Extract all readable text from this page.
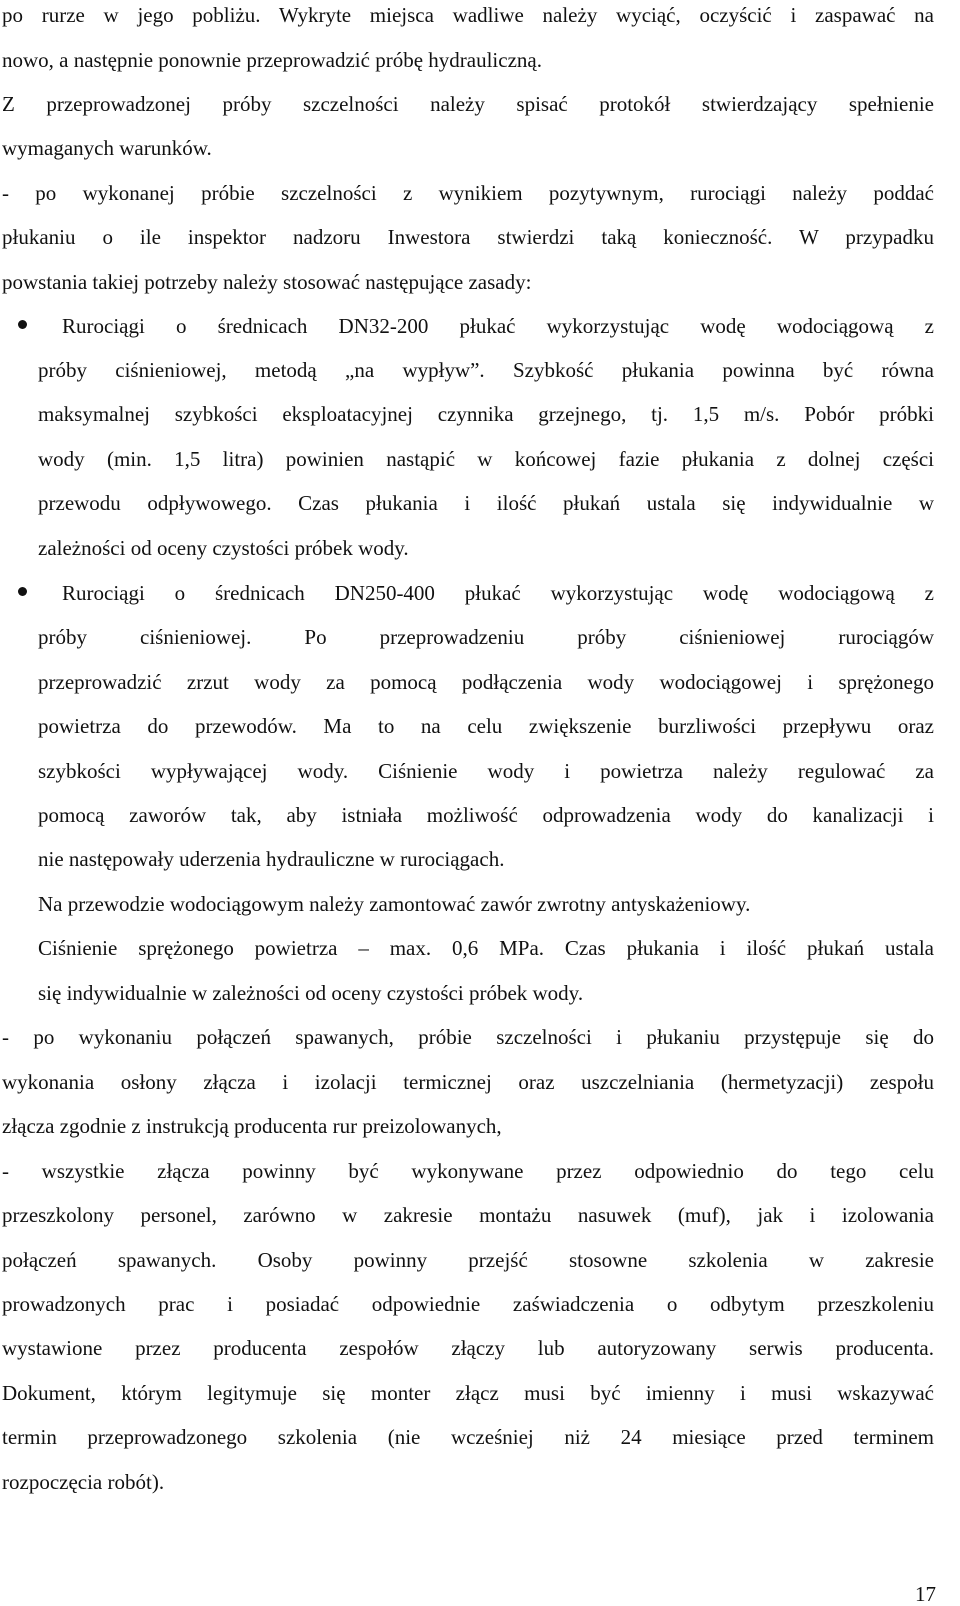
po rurze w jego pobliżu. Wykryte miejsca wadliwe należy wyciąć, oczyścić i zaspawać na
nowo, a następnie ponownie przeprowadzić próbę hydrauliczną.
Z przeprowadzonej próby szczelności należy spisać protokół stwierdzający spełnienie
wymaganych warunków.
- po wykonanej próbie szczelności z wynikiem pozytywnym, rurociągi należy poddać
płukaniu o ile inspektor nadzoru Inwestora stwierdzi taką konieczność. W przypadku
powstania takiej potrzeby należy stosować następujące zasady:
Rurociągi o średnicach DN32-200 płukać wykorzystując wodę wodociągową z
próby ciśnieniowej, metodą „na wypływ”. Szybkość płukania powinna być równa
maksymalnej szybkości eksploatacyjnej czynnika grzejnego, tj. 1,5 m/s. Pobór próbki
wody (min. 1,5 litra) powinien nastąpić w końcowej fazie płukania z dolnej części
przewodu odpływowego. Czas płukania i ilość płukań ustala się indywidualnie w
zależności od oceny czystości próbek wody.
Rurociągi o średnicach DN250-400 płukać wykorzystując wodę wodociągową z
próby ciśnieniowej. Po przeprowadzeniu próby ciśnieniowej rurociągów
przeprowadzić zrzut wody za pomocą podłączenia wody wodociągowej i sprężonego
powietrza do przewodów. Ma to na celu zwiększenie burzliwości przepływu oraz
szybkości wypływającej wody. Ciśnienie wody i powietrza należy regulować za
pomocą zaworów tak, aby istniała możliwość odprowadzenia wody do kanalizacji i
nie następowały uderzenia hydrauliczne w rurociągach.
Na przewodzie wodociągowym należy zamontować zawór zwrotny antyskażeniowy.
Ciśnienie sprężonego powietrza – max. 0,6 MPa. Czas płukania i ilość płukań ustala
się indywidualnie w zależności od oceny czystości próbek wody.
- po wykonaniu połączeń spawanych, próbie szczelności i płukaniu przystępuje się do
wykonania osłony złącza i izolacji termicznej oraz uszczelniania (hermetyzacji) zespołu
złącza zgodnie z instrukcją producenta rur preizolowanych,
- wszystkie złącza powinny być wykonywane przez odpowiednio do tego celu
przeszkolony personel, zarówno w zakresie montażu nasuwek (muf), jak i izolowania
połączeń spawanych. Osoby powinny przejść stosowne szkolenia w zakresie
prowadzonych prac i posiadać odpowiednie zaświadczenia o odbytym przeszkoleniu
wystawione przez producenta zespołów złączy lub autoryzowany serwis producenta.
Dokument, którym legitymuje się monter złącz musi być imienny i musi wskazywać
termin przeprowadzonego szkolenia (nie wcześniej niż 24 miesiące przed terminem
rozpoczęcia robót).
17
